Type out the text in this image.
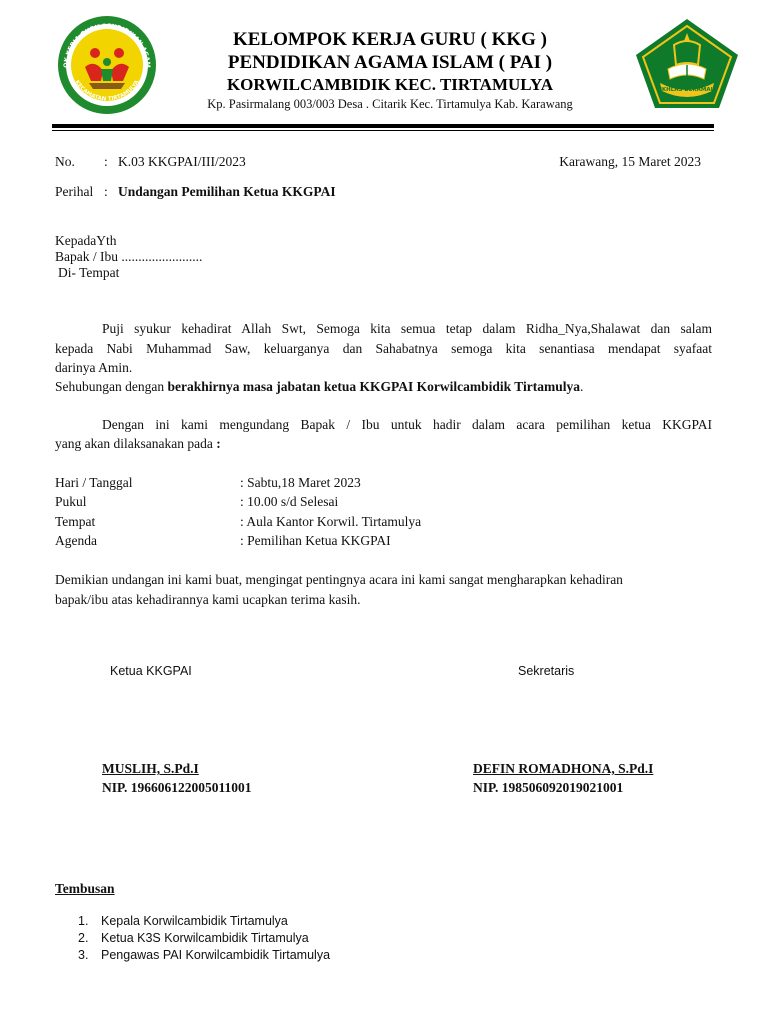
OK KERJA GURU PENDIDIKAN AGAM
KECAMATAN TIRTAMULYA
KELOMPOK KERJA GURU ( KKG )
PENDIDIKAN AGAMA ISLAM ( PAI )
KORWILCAMBIDIK KEC. TIRTAMULYA
Kp. Pasirmalang 003/003 Desa . Citarik Kec. Tirtamulya Kab. Karawang
IKHLAS BERAMAL
No. : K.03 KKGPAI/III/2023	Karawang, 15 Maret 2023
Perihal : Undangan Pemilihan Ketua KKGPAI
KepadaYth
Bapak / Ibu ........................
Di- Tempat
Puji syukur kehadirat Allah Swt, Semoga kita semua tetap dalam Ridha_Nya,Shalawat dan salam
kepada Nabi Muhammad Saw, keluarganya dan Sahabatnya semoga kita senantiasa mendapat syafaat
darinya Amin.
Sehubungan dengan berakhirnya masa jabatan ketua KKGPAI Korwilcambidik Tirtamulya.
Dengan ini kami mengundang Bapak / Ibu untuk hadir dalam acara pemilihan ketua KKGPAI
yang akan dilaksanakan pada :
Hari / Tanggal	: Sabtu,18 Maret 2023
Pukul	: 10.00 s/d Selesai
Tempat	: Aula Kantor Korwil. Tirtamulya
Agenda	: Pemilihan Ketua KKGPAI
Demikian undangan ini kami buat, mengingat pentingnya acara ini kami sangat mengharapkan kehadiran
bapak/ibu atas kehadirannya kami ucapkan terima kasih.
Ketua KKGPAI	Sekretaris
MUSLIH, S.Pd.I
NIP. 196606122005011001
DEFIN ROMADHONA, S.Pd.I
NIP. 198506092019021001
Tembusan
1. Kepala Korwilcambidik Tirtamulya
2. Ketua K3S Korwilcambidik Tirtamulya
3. Pengawas PAI Korwilcambidik Tirtamulya
